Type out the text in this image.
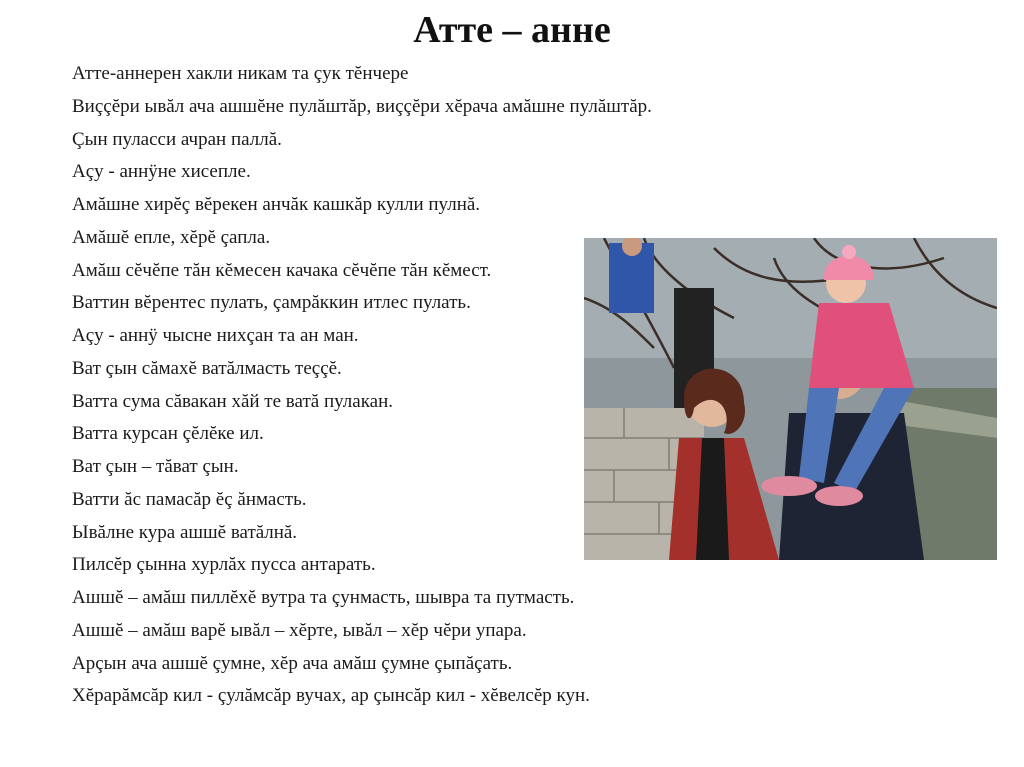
Атте – анне
Атте-аннерен хакли никам та çук тĕнчере
Виççĕри ывăл ача ашшĕне пулăштăр, виççĕри хĕрача амăшне пулăштăр.
Çын пуласси ачран паллă.
Аçу - аннÿне хисепле.
Амăшне хирĕç вĕрекен анчăк кашкăр кулли пулнă.
Амăшĕ епле, хĕрĕ çапла.
Амăш сĕчĕпе тăн кĕмесен качака сĕчĕпе тăн кĕмест.
Ваттин вĕрентес пулать, çамрăккин итлес пулать.
Аçу - аннÿ чысне нихçан та ан ман.
Ват çын сăмахĕ ватăлмасть теççĕ.
Ватта сума сăвакан хăй те ватă пулакан.
Ватта курсан çĕлĕке ил.
Ват çын – тăват çын.
Ватти ăс памасăр ĕç ăнмасть.
Ывăлне кура ашшĕ ватăлнă.
Пилсĕр çынна хурлăх пусса антарать.
Ашшĕ – амăш пиллĕхĕ вутра та çунмасть, шывра та путмасть.
Ашшĕ – амăш варĕ ывăл – хĕрте, ывăл – хĕр чĕри упара.
Арçын ача ашшĕ çумне, хĕр ача амăш çумне çыпăçать.
Хĕрарăмсăр кил - çулăмсăр вучах, ар çынсăр кил - хĕвелсĕр кун.
